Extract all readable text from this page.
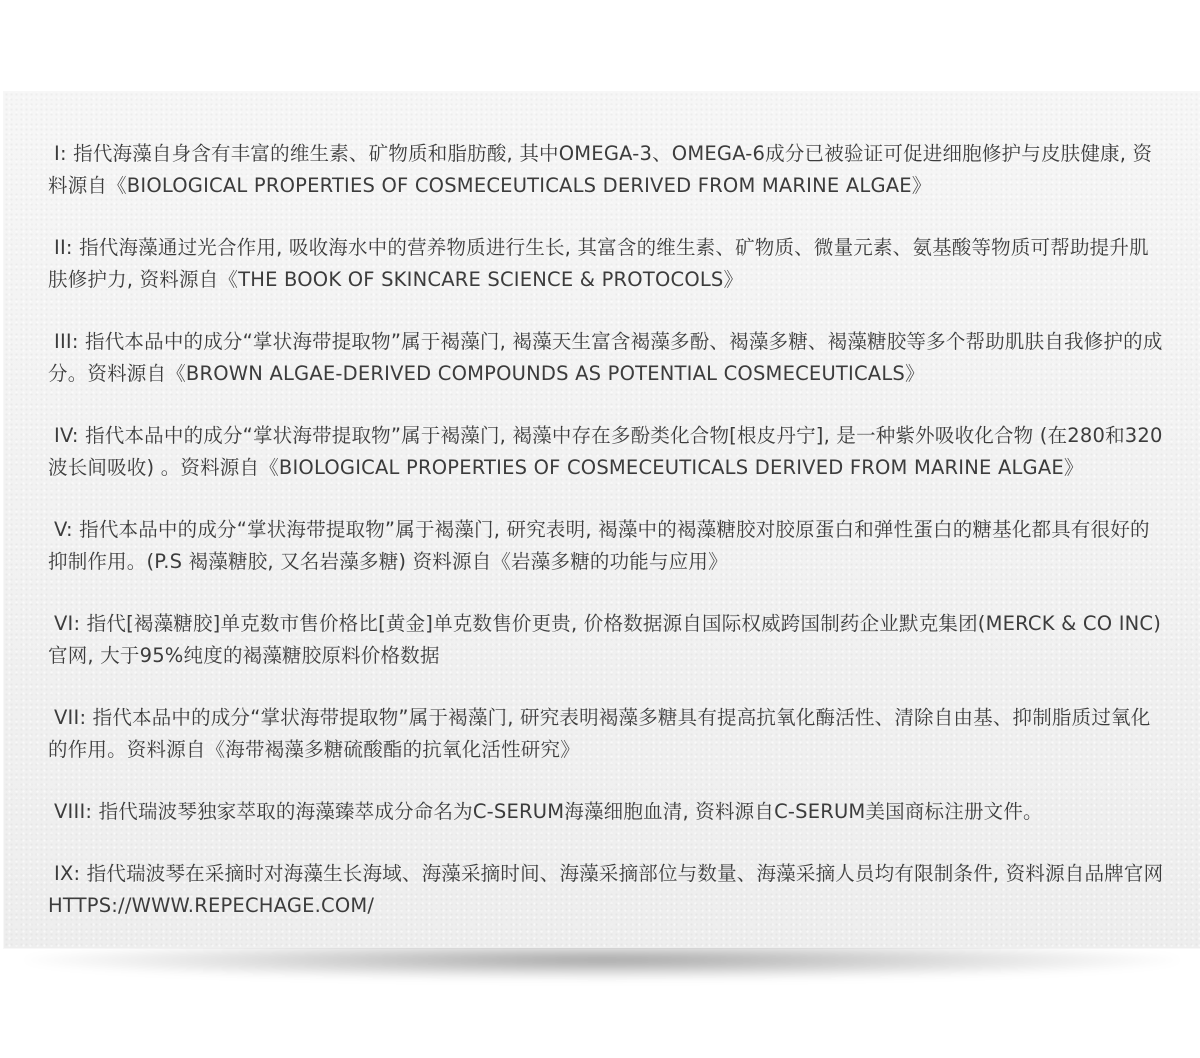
I: 指代海藻自身含有丰富的维生素、矿物质和脂肪酸, 其中OMEGA-3、OMEGA-6成分已被验证可促进细胞修护与皮肤健康, 资料源自《BIOLOGICAL PROPERTIES OF COSMECEUTICALS DERIVED FROM MARINE ALGAE》

II: 指代海藻通过光合作用, 吸收海水中的营养物质进行生长, 其富含的维生素、矿物质、微量元素、氨基酸等物质可帮助提升肌肤修护力, 资料源自《THE BOOK OF SKINCARE SCIENCE & PROTOCOLS》

III: 指代本品中的成分“掌状海带提取物”属于褐藻门, 褐藻天生富含褐藻多酚、褐藻多糖、褐藻糖胶等多个帮助肌肤自我修护的成分。资料源自《BROWN ALGAE-DERIVED COMPOUNDS AS POTENTIAL COSMECEUTICALS》

IV: 指代本品中的成分“掌状海带提取物”属于褐藻门, 褐藻中存在多酚类化合物[根皮丹宁], 是一种紫外吸收化合物 (在280和320波长间吸收) 。资料源自《BIOLOGICAL PROPERTIES OF COSMECEUTICALS DERIVED FROM MARINE ALGAE》

V: 指代本品中的成分“掌状海带提取物”属于褐藻门, 研究表明, 褐藻中的褐藻糖胶对胶原蛋白和弹性蛋白的糖基化都具有很好的抑制作用。(P.S 褐藻糖胶, 又名岩藻多糖) 资料源自《岩藻多糖的功能与应用》

VI: 指代[褐藻糖胶]单克数市售价格比[黄金]单克数售价更贵, 价格数据源自国际权威跨国制药企业默克集团(MERCK & CO INC)官网, 大于95%纯度的褐藻糖胶原料价格数据

VII: 指代本品中的成分“掌状海带提取物”属于褐藻门, 研究表明褐藻多糖具有提高抗氧化酶活性、清除自由基、抑制脂质过氧化的作用。资料源自《海带褐藻多糖硫酸酯的抗氧化活性研究》

VIII: 指代瑞波琴独家萃取的海藻臻萃成分命名为C-SERUM海藻细胞血清, 资料源自C-SERUM美国商标注册文件。

IX: 指代瑞波琴在采摘时对海藻生长海域、海藻采摘时间、海藻采摘部位与数量、海藻采摘人员均有限制条件, 资料源自品牌官网HTTPS://WWW.REPECHAGE.COM/
